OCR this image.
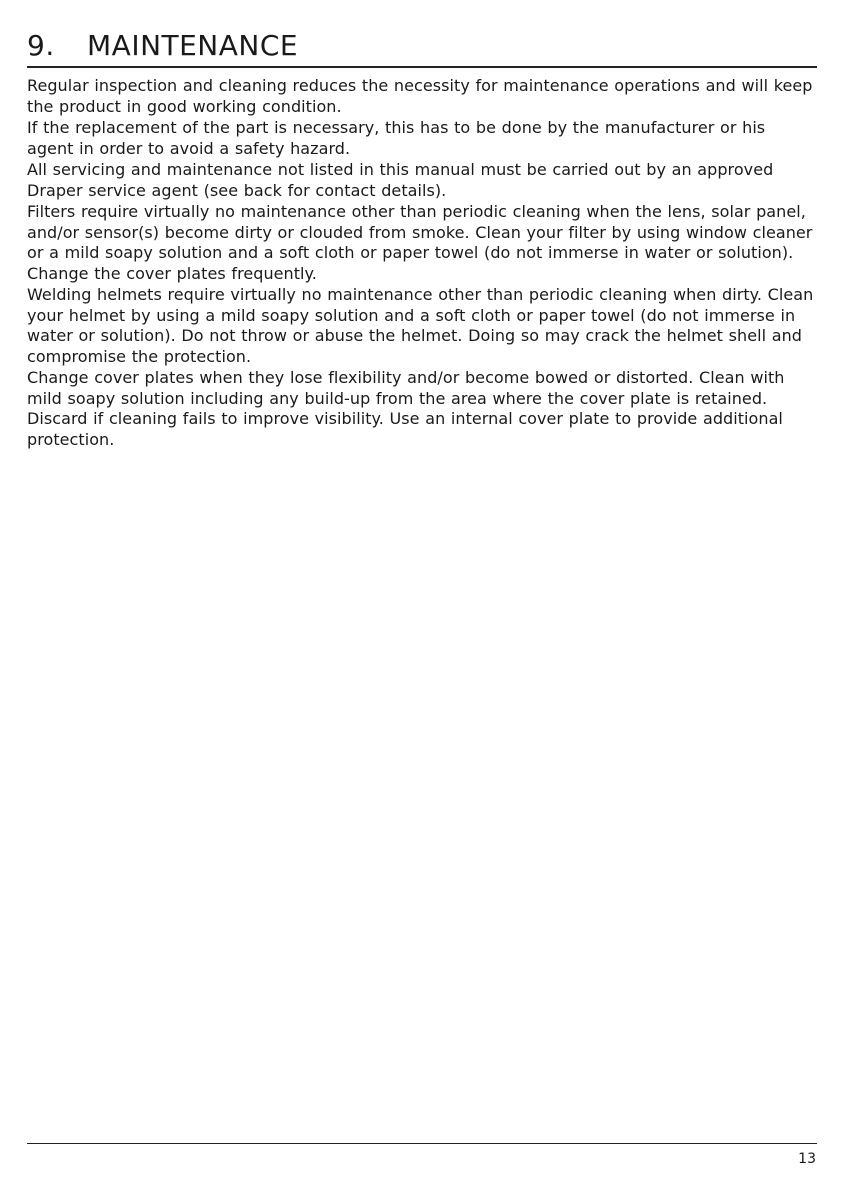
9.	MAINTENANCE

Regular inspection and cleaning reduces the necessity for maintenance operations and will keep the product in good working condition.

If the replacement of the part is necessary, this has to be done by the manufacturer or his agent in order to avoid a safety hazard.

All servicing and maintenance not listed in this manual must be carried out by an approved Draper service agent (see back for contact details).

Filters require virtually no maintenance other than periodic cleaning when the lens, solar panel, and/or sensor(s) become dirty or clouded from smoke. Clean your filter by using window cleaner or a mild soapy solution and a soft cloth or paper towel (do not immerse in water or solution). Change the cover plates frequently.

Welding helmets require virtually no maintenance other than periodic cleaning when dirty. Clean your helmet by using a mild soapy solution and a soft cloth or paper towel (do not immerse in water or solution). Do not throw or abuse the helmet. Doing so may crack the helmet shell and compromise the protection.

Change cover plates when they lose flexibility and/or become bowed or distorted. Clean with mild soapy solution including any build-up from the area where the cover plate is retained. Discard if cleaning fails to improve visibility. Use an internal cover plate to provide additional protection.

13
